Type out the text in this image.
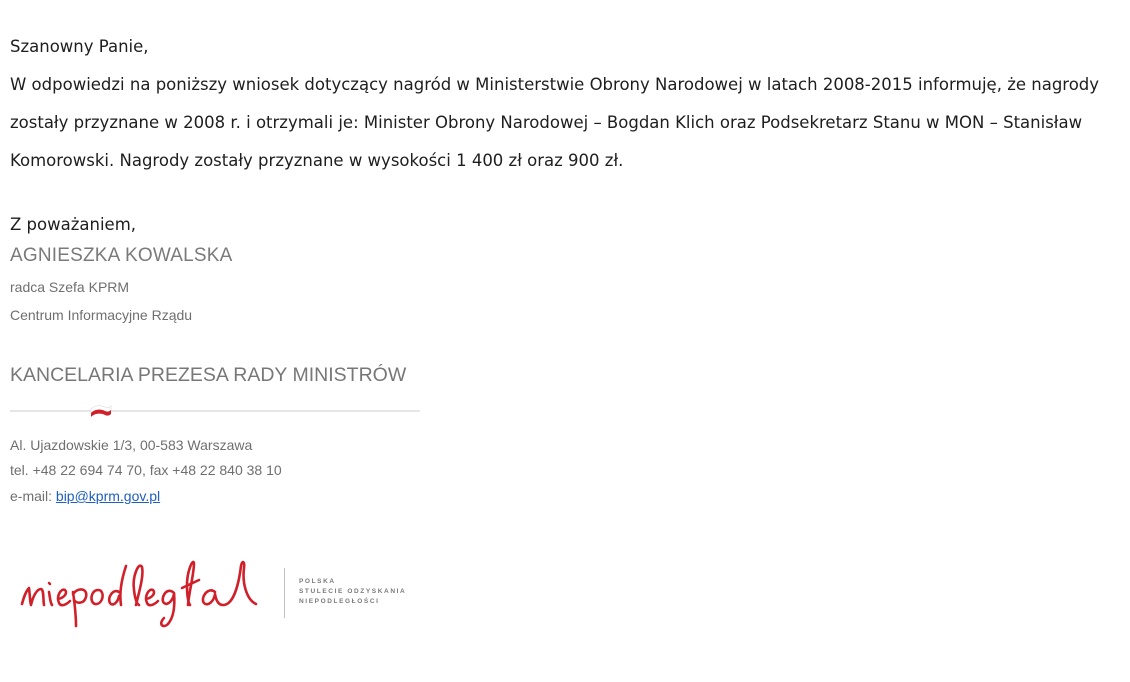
Szanowny Panie,

W odpowiedzi na poniższy wniosek dotyczący nagród w Ministerstwie Obrony Narodowej w latach 2008-2015 informuję, że nagrody zostały przyznane w 2008 r. i otrzymali je: Minister Obrony Narodowej – Bogdan Klich oraz Podsekretarz Stanu w MON – Stanisław Komorowski. Nagrody zostały przyznane w wysokości 1 400 zł oraz 900 zł.

Z poważaniem,

AGNIESZKA KOWALSKA
radca Szefa KPRM
Centrum Informacyjne Rządu
KANCELARIA PREZESA RADY MINISTRÓW
Al. Ujazdowskie 1/3, 00-583 Warszawa
tel. +48 22 694 74 70, fax +48 22 840 38 10
e-mail: bip@kprm.gov.pl
POLSKA
STULECIE ODZYSKANIA
NIEPODLEGŁOŚCI
